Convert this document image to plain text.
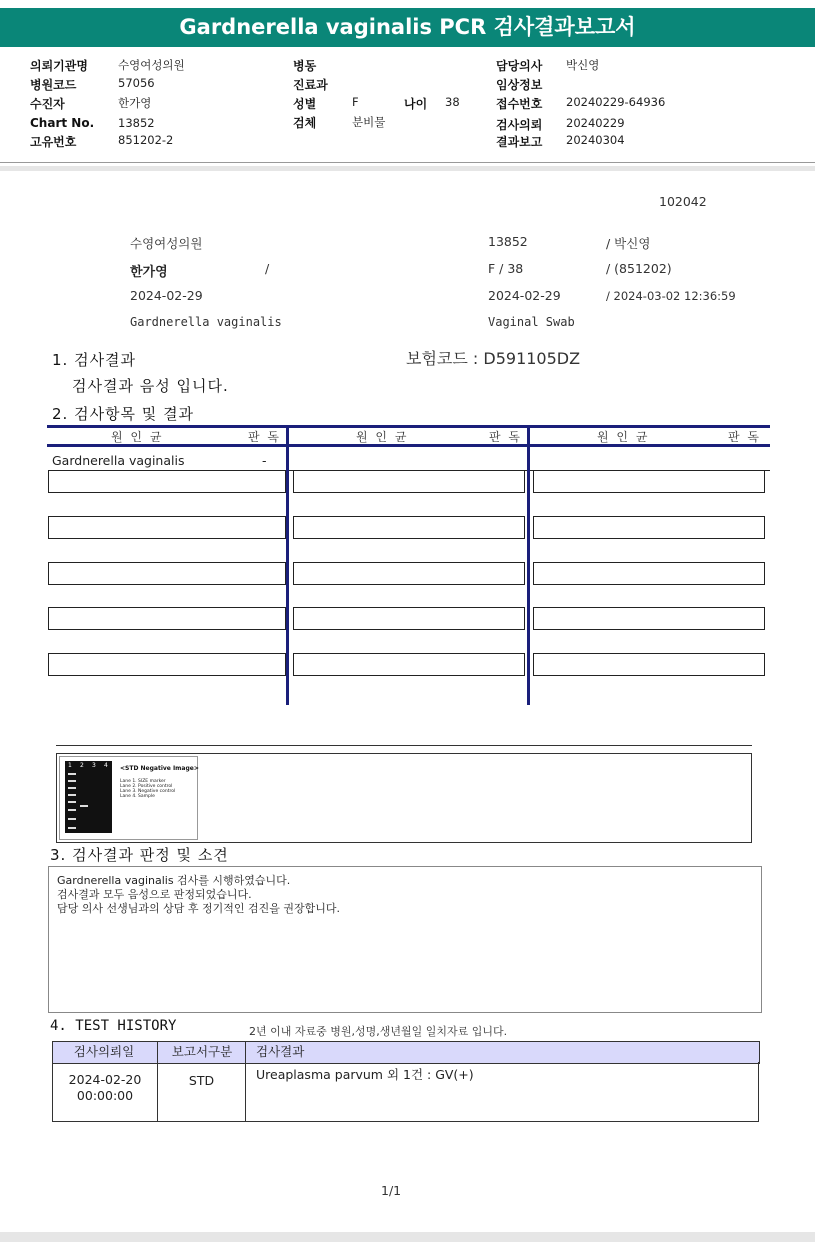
Gardnerella vaginalis PCR 검사결과보고서
의뢰기관명	수영여성의원
병원코드	57056
수진자	한가영
Chart No. 13852
고유번호	851202-2
병동
진료과
성별	F	나이 38
검체	분비물
담당의사 박신영
임상정보
접수번호 20240229-64936
검사의뢰 20240229
결과보고 20240304
102042
수영여성의원	13852	/ 박신영
한가영	/	F / 38	/ (851202)
2024-02-29	2024-02-29	/ 2024-03-02 12:36:59
Gardnerella vaginalis	Vaginal Swab
1. 검사결과	보험코드 : D591105DZ
검사결과 음성 입니다.
2. 검사항목 및 결과
원 인 균	판 독	원 인 균	판 독	원 인 균	판 독
Gardnerella vaginalis	-
1 2 3 4 <STD Negative Image>
Lane 1. SIZE marker
Lane 2. Positive control
Lane 3. Negative control
Lane 4. Sample
3. 검사결과 판정 및 소견
Gardnerella vaginalis 검사를 시행하였습니다.
검사결과 모두 음성으로 판정되었습니다.
담당 의사 선생님과의 상담 후 정기적인 검진을 권장합니다.
4. TEST HISTORY	2년 이내 자료중 병원,성명,생년월일 일치자료 입니다.
검사의뢰일	보고서구분	검사결과
2024-02-20
00:00:00
STD	Ureaplasma parvum 외 1건 : GV(+)
1/1
